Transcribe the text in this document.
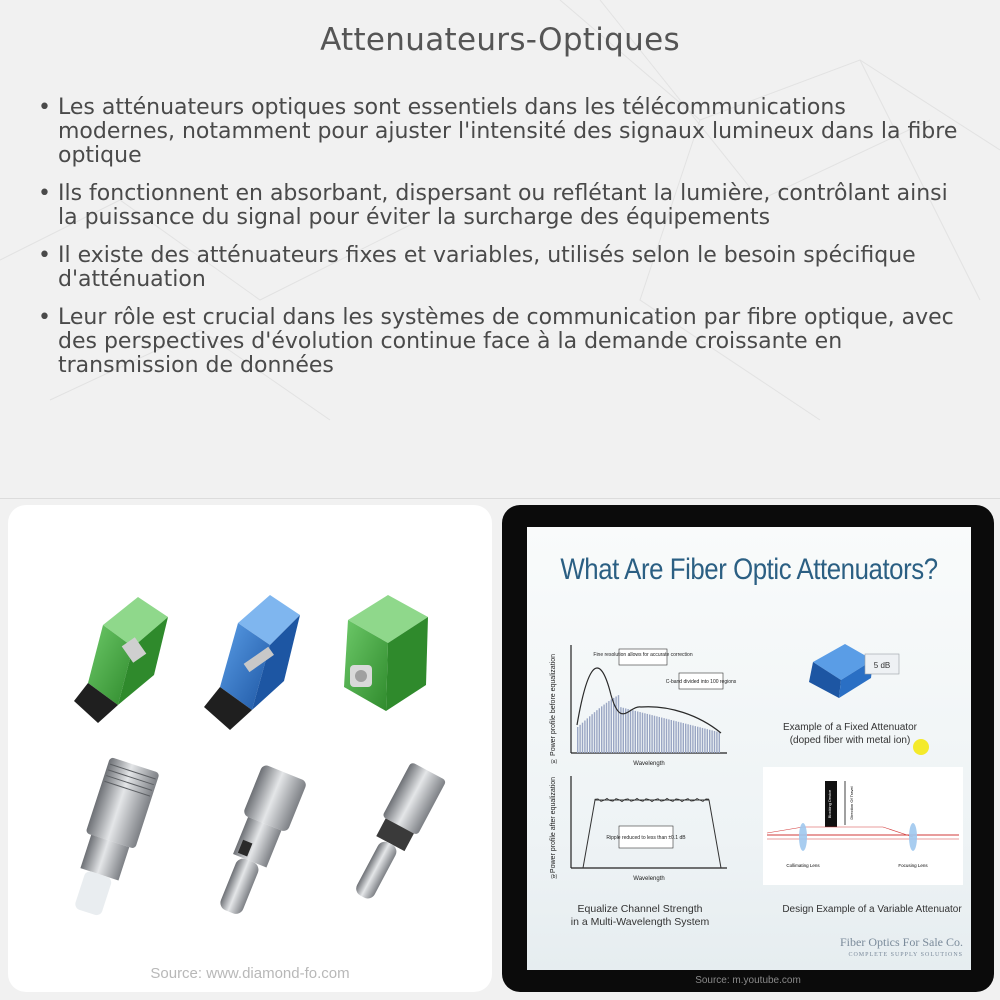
Attenuateurs-Optiques
• Les atténuateurs optiques sont essentiels dans les télécommunications modernes, notamment pour ajuster l'intensité des signaux lumineux dans la fibre optique
• Ils fonctionnent en absorbant, dispersant ou reflétant la lumière, contrôlant ainsi la puissance du signal pour éviter la surcharge des équipements
• Il existe des atténuateurs fixes et variables, utilisés selon le besoin spécifique d'atténuation
• Leur rôle est crucial dans les systèmes de communication par fibre optique, avec des perspectives d'évolution continue face à la demande croissante en transmission de données
Source: www.diamond-fo.com
What Are Fiber Optic Attenuators?
Power profile before equalization	Fine resolution allows for accurate correction
C-band divided into 100 regions
Wavelength
(a)
Power profile after equalization	Ripple reduced to less than ±0.1 dB
Wavelength
(b)
5 dB
Example of a Fixed Attenuator
(doped fiber with metal ion)
Blocking Device	Direction Of Travel
Collimating Lens	Focusing Lens
Equalize Channel Strength
in a Multi-Wavelength System
Design Example of a Variable Attenuator
Fiber Optics For Sale Co.
COMPLETE SUPPLY SOLUTIONS
Source: m.youtube.com
